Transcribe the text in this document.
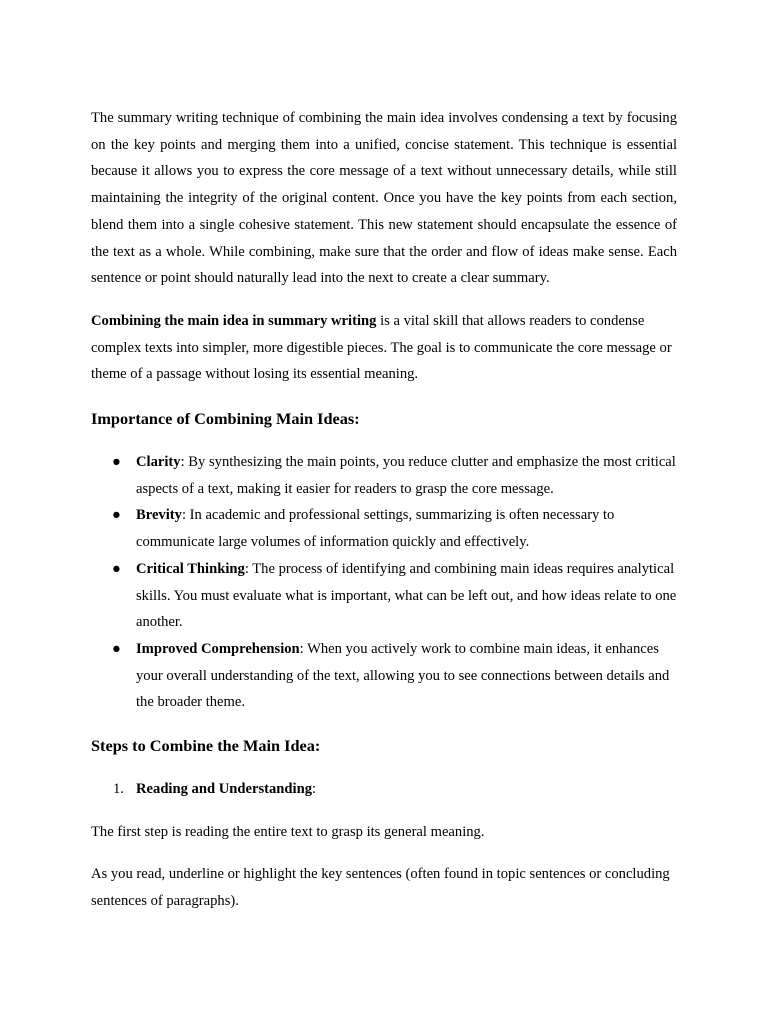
The summary writing technique of combining the main idea involves condensing a text by focusing on the key points and merging them into a unified, concise statement. This technique is essential because it allows you to express the core message of a text without unnecessary details, while still maintaining the integrity of the original content. Once you have the key points from each section, blend them into a single cohesive statement. This new statement should encapsulate the essence of the text as a whole. While combining, make sure that the order and flow of ideas make sense. Each sentence or point should naturally lead into the next to create a clear summary.

Combining the main idea in summary writing is a vital skill that allows readers to condense complex texts into simpler, more digestible pieces. The goal is to communicate the core message or theme of a passage without losing its essential meaning.

Importance of Combining Main Ideas:
● Clarity: By synthesizing the main points, you reduce clutter and emphasize the most critical aspects of a text, making it easier for readers to grasp the core message.
● Brevity: In academic and professional settings, summarizing is often necessary to communicate large volumes of information quickly and effectively.
● Critical Thinking: The process of identifying and combining main ideas requires analytical skills. You must evaluate what is important, what can be left out, and how ideas relate to one another.
● Improved Comprehension: When you actively work to combine main ideas, it enhances your overall understanding of the text, allowing you to see connections between details and the broader theme.
Steps to Combine the Main Idea:
1. Reading and Understanding:

The first step is reading the entire text to grasp its general meaning.

As you read, underline or highlight the key sentences (often found in topic sentences or concluding sentences of paragraphs).
